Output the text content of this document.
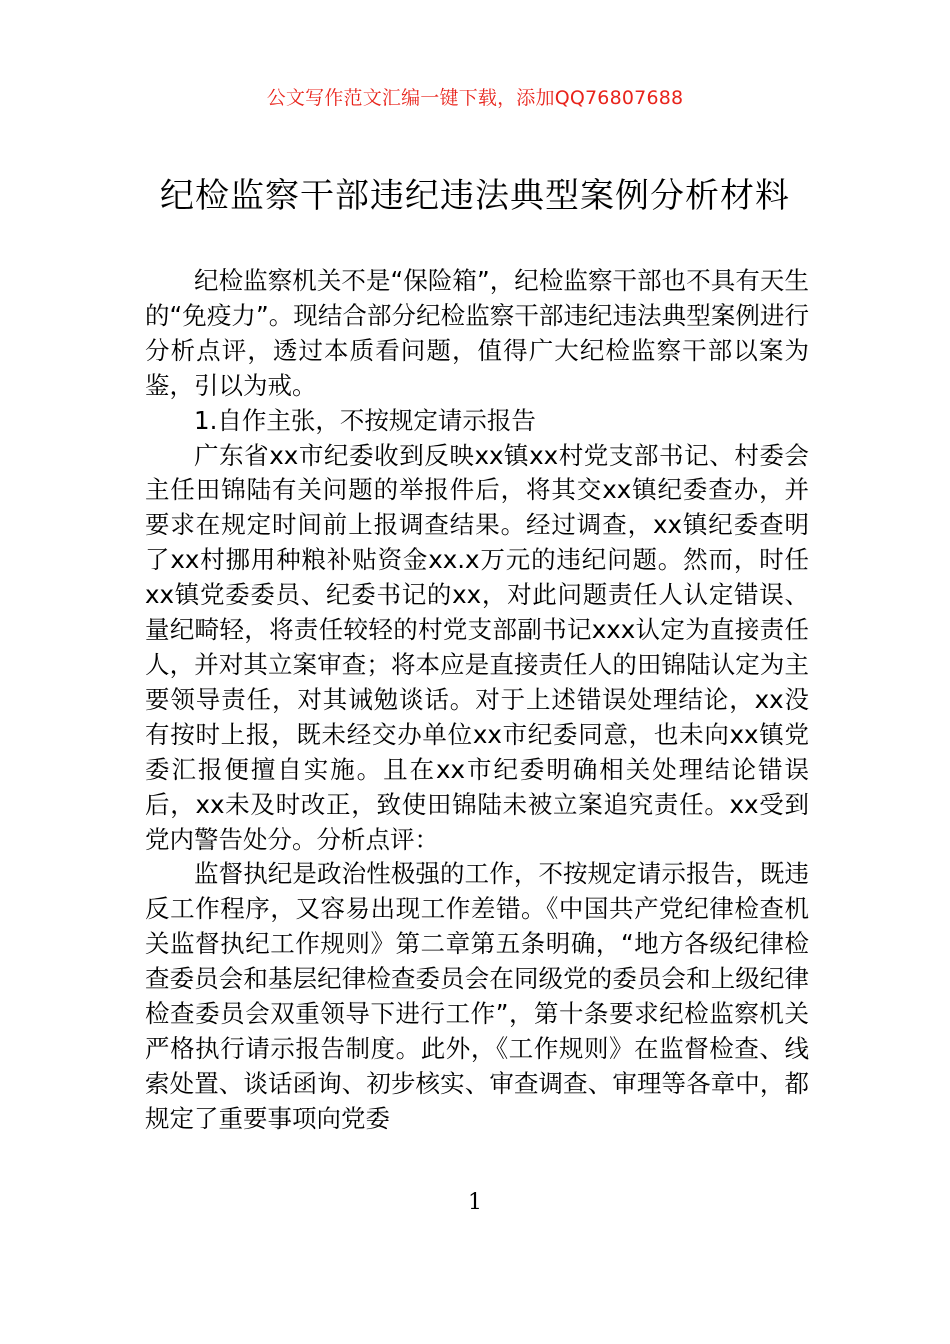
公文写作范文汇编一键下载，添加QQ76807688
纪检监察干部违纪违法典型案例分析材料

纪检监察机关不是“保险箱”，纪检监察干部也不具有天生的“免疫力”。现结合部分纪检监察干部违纪违法典型案例进行分析点评，透过本质看问题，值得广大纪检监察干部以案为鉴，引以为戒。

1.自作主张，不按规定请示报告

广东省xx市纪委收到反映xx镇xx村党支部书记、村委会主任田锦陆有关问题的举报件后，将其交xx镇纪委查办，并要求在规定时间前上报调查结果。经过调查，xx镇纪委查明了xx村挪用种粮补贴资金xx.x万元的违纪问题。然而，时任xx镇党委委员、纪委书记的xx，对此问题责任人认定错误、量纪畸轻，将责任较轻的村党支部副书记xxx认定为直接责任人，并对其立案审查；将本应是直接责任人的田锦陆认定为主要领导责任，对其诫勉谈话。对于上述错误处理结论，xx没有按时上报，既未经交办单位xx市纪委同意，也未向xx镇党委汇报便擅自实施。且在xx市纪委明确相关处理结论错误后，xx未及时改正，致使田锦陆未被立案追究责任。xx受到党内警告处分。分析点评：

监督执纪是政治性极强的工作，不按规定请示报告，既违反工作程序，又容易出现工作差错。《中国共产党纪律检查机关监督执纪工作规则》第二章第五条明确，“地方各级纪律检查委员会和基层纪律检查委员会在同级党的委员会和上级纪律检查委员会双重领导下进行工作”，第十条要求纪检监察机关严格执行请示报告制度。此外，《工作规则》在监督检查、线索处置、谈话函询、初步核实、审查调查、审理等各章中，都规定了重要事项向党委

1
